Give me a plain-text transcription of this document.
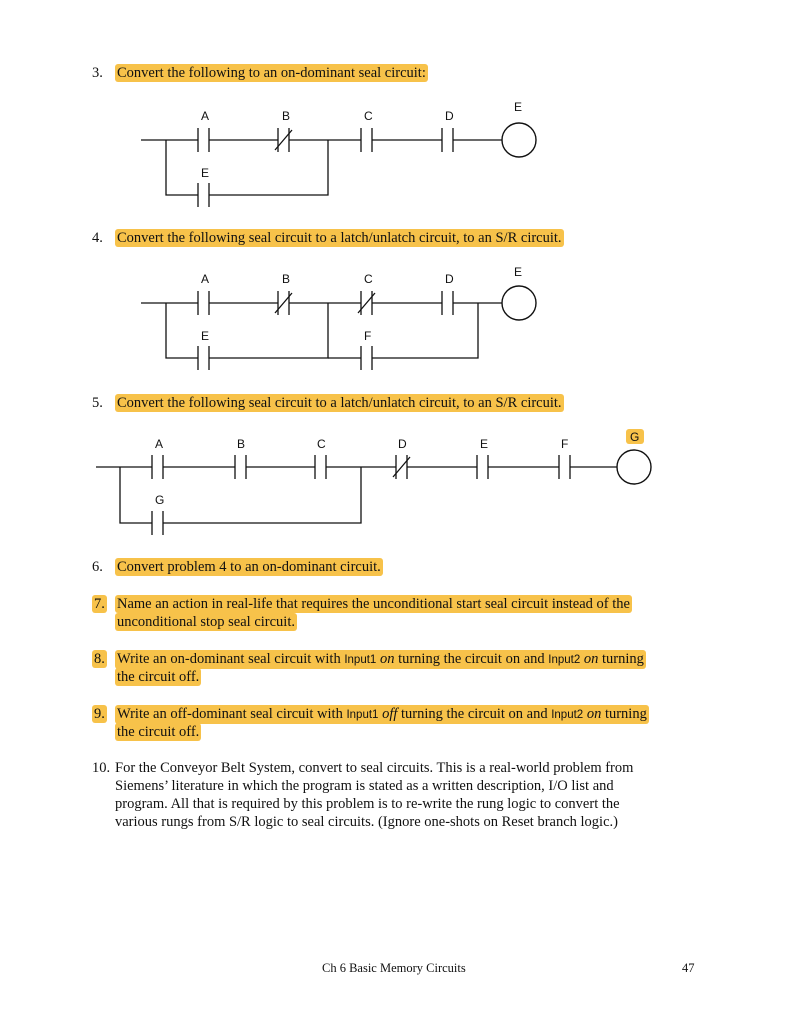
3. Convert the following to an on-dominant seal circuit:
A	B	C	D
E
E
4. Convert the following seal circuit to a latch/unlatch circuit, to an S/R circuit.
A	B	C	D	E
E	F
5. Convert the following seal circuit to a latch/unlatch circuit, to an S/R circuit.
A	B	C	D	E	F	G
G
6. Convert problem 4 to an on-dominant circuit.
7. Name an action in real-life that requires the unconditional start seal circuit instead of the
unconditional stop seal circuit.
8. Write an on-dominant seal circuit with Input1 on turning the circuit on and Input2 on turning
the circuit off.
9. Write an off-dominant seal circuit with Input1 off turning the circuit on and Input2 on turning
the circuit off.
10. For the Conveyor Belt System, convert to seal circuits. This is a real-world problem from
Siemens’ literature in which the program is stated as a written description, I/O list and
program. All that is required by this problem is to re-write the rung logic to convert the
various rungs from S/R logic to seal circuits. (Ignore one-shots on Reset branch logic.)
Ch 6 Basic Memory Circuits	47
